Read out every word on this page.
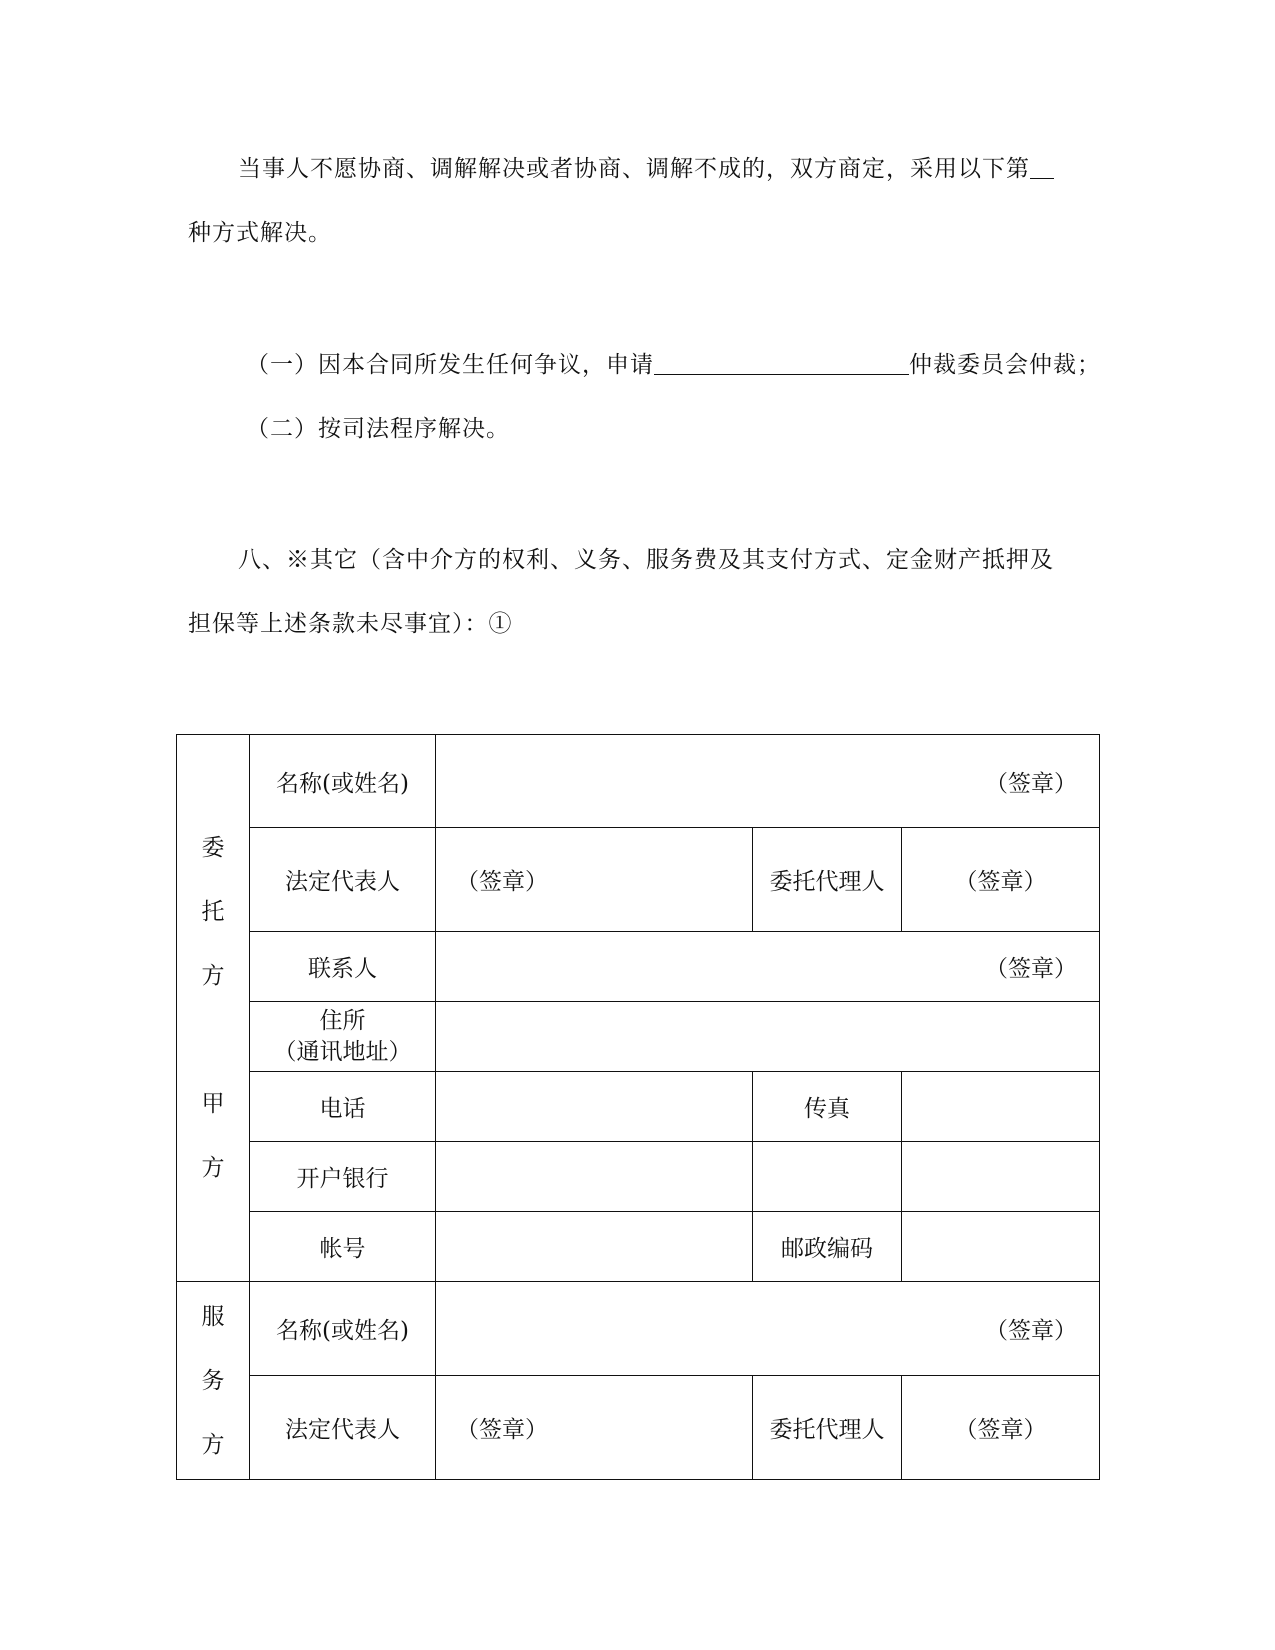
当事人不愿协商、调解解决或者协商、调解不成的，双方商定，采用以下第
种方式解决。
（一）因本合同所发生任何争议，申请	仲裁委员会仲裁；
（二）按司法程序解决。
八、※其它（含中介方的权利、义务、服务费及其支付方式、定金财产抵押及
担保等上述条款未尽事宜）：①
委
托
方

甲
方	名称(或姓名)	（签章）		
	法定代表人	（签章）	委托代理人	（签章）
	联系人	（签章）		

	住所
（通讯地址）			

	电话		传真	
	开户银行			
	帐号		邮政编码	

服
务
方	名称(或姓名)	（签章）		
	法定代表人	（签章）	委托代理人	（签章）
